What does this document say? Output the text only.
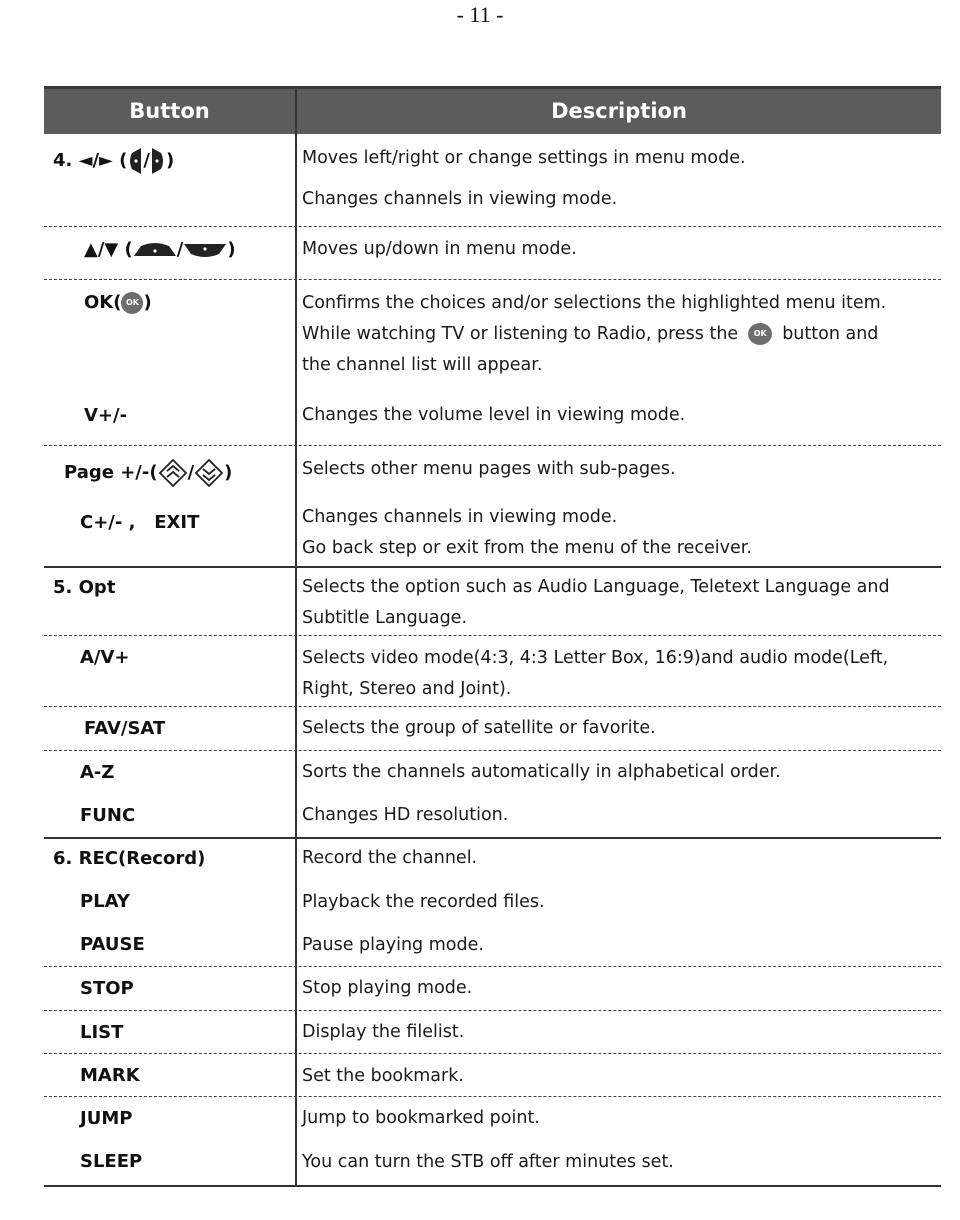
- 11 -
Button	Description
4. ◄/► ( / )	Moves left/right or change settings in menu mode.
Changes channels in viewing mode.
▲/▼ ( / )	Moves up/down in menu mode.
OK( OK )	Confirms the choices and/or selections the highlighted menu item.
While watching TV or listening to Radio, press the OK button and
the channel list will appear.
V+/-	Changes the volume level in viewing mode.
Page +/-( / )	Selects other menu pages with sub-pages.
C+/- ,   EXIT	Changes channels in viewing mode.
Go back step or exit from the menu of the receiver.
5. Opt	Selects the option such as Audio Language, Teletext Language and
Subtitle Language.
A/V+	Selects video mode(4:3, 4:3 Letter Box, 16:9)and audio mode(Left,
Right, Stereo and Joint).
FAV/SAT	Selects the group of satellite or favorite.
A-Z	Sorts the channels automatically in alphabetical order.
FUNC	Changes HD resolution.
6. REC(Record)	Record the channel.
PLAY	Playback the recorded files.
PAUSE	Pause playing mode.
STOP	Stop playing mode.
LIST	Display the filelist.
MARK	Set the bookmark.
JUMP	Jump to bookmarked point.
SLEEP	You can turn the STB off after minutes set.
